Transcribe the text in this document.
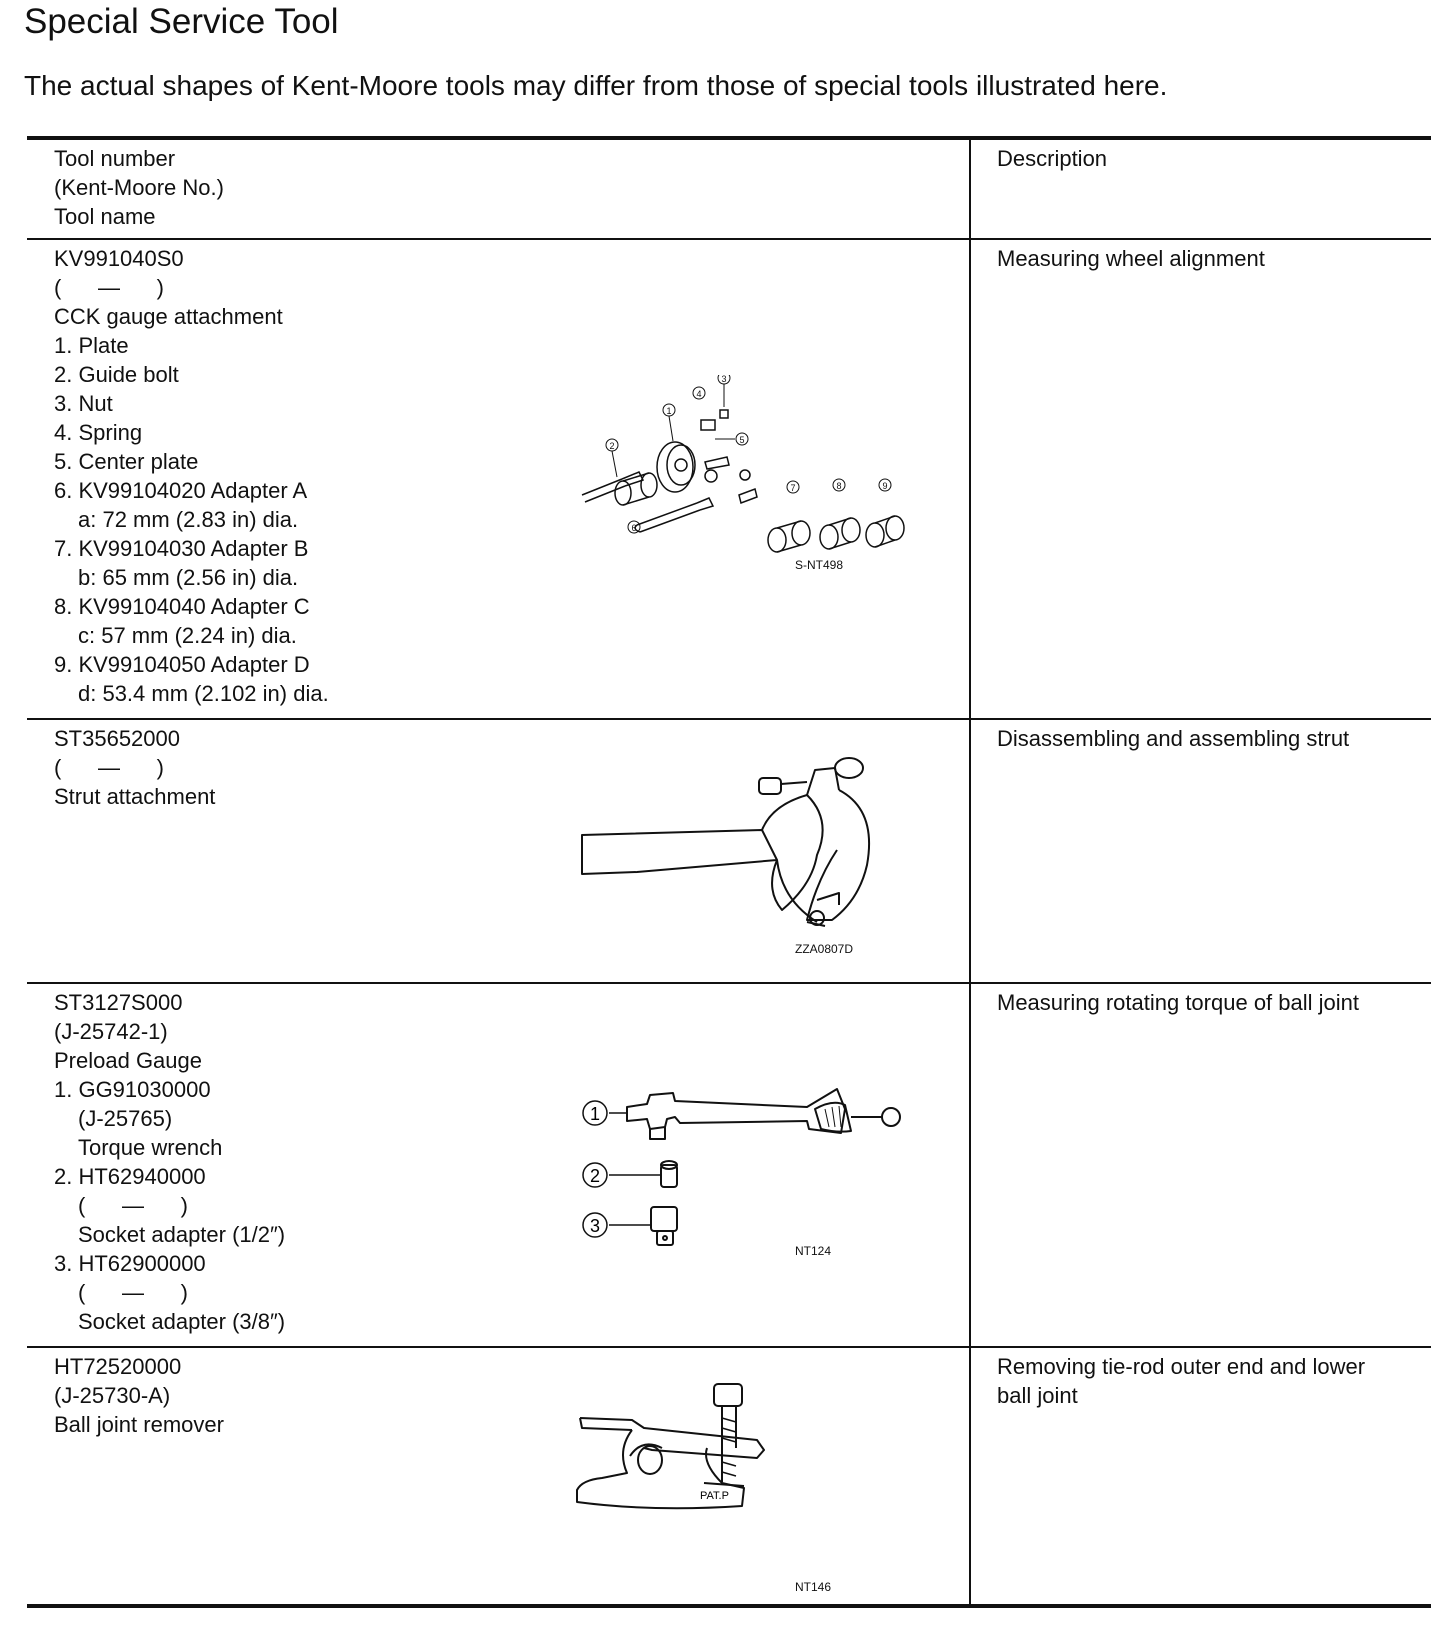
Special Service Tool

The actual shapes of Kent-Moore tools may differ from those of special tools illustrated here.

Tool number
(Kent-Moore No.)
Tool name
Description
KV991040S0
(      —      )
CCK gauge attachment
1. Plate
2. Guide bolt
3. Nut
4. Spring
5. Center plate
6. KV99104020 Adapter A
a: 72 mm (2.83 in) dia.
7. KV99104030 Adapter B
b: 65 mm (2.56 in) dia.
8. KV99104040 Adapter C
c: 57 mm (2.24 in) dia.
9. KV99104050 Adapter D
d: 53.4 mm (2.102 in) dia.
Measuring wheel alignment
1
2
3
4
5
6
7	8	9
S-NT498
ST35652000
(      —      )
Strut attachment
Disassembling and assembling strut
ZZA0807D
ST3127S000
(J-25742-1)
Preload Gauge
1. GG91030000
(J-25765)
Torque wrench
2. HT62940000
(      —      )
Socket adapter (1/2″)
3. HT62900000
(      —      )
Socket adapter (3/8″)
Measuring rotating torque of ball joint
1
2
3
NT124
HT72520000
(J-25730-A)
Ball joint remover
Removing tie-rod outer end and lower ball joint
PAT.P
NT146
